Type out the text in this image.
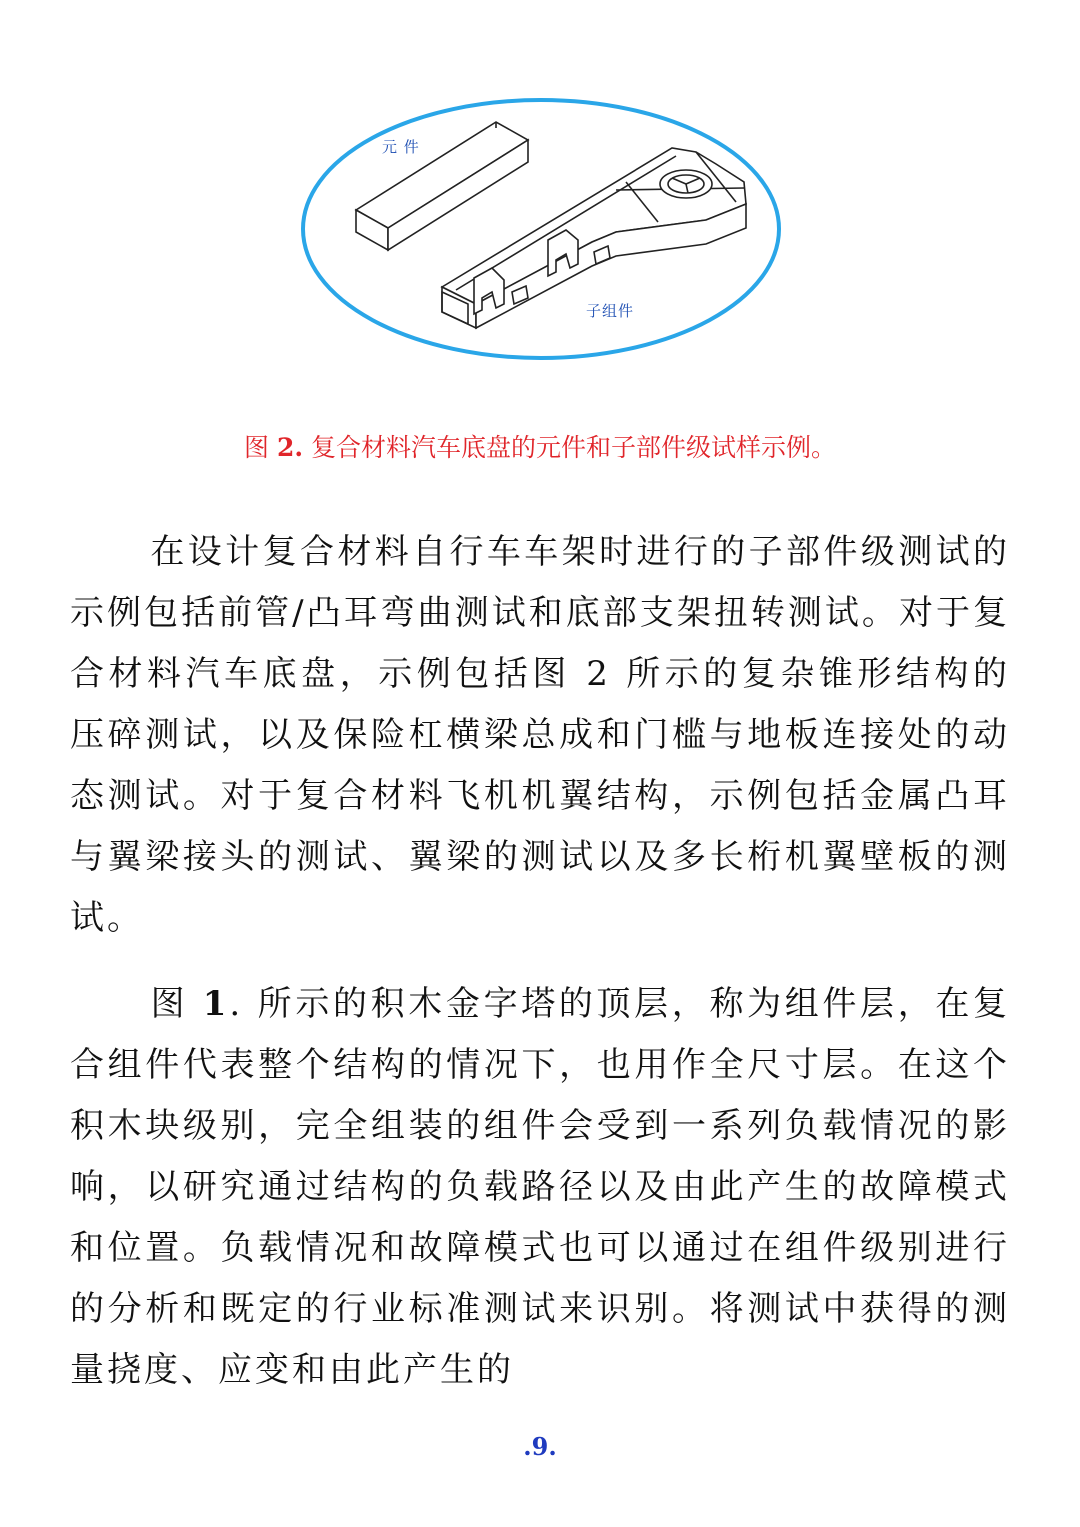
元 件
子组件
图 2. 复合材料汽车底盘的元件和子部件级试样示例。
在设计复合材料自行车车架时进行的子部件级测试的示例包括前管/凸耳弯曲测试和底部支架扭转测试。对于复合材料汽车底盘，示例包括图 2 所示的复杂锥形结构的压碎测试，以及保险杠横梁总成和门槛与地板连接处的动态测试。对于复合材料飞机机翼结构，示例包括金属凸耳与翼梁接头的测试、翼梁的测试以及多长桁机翼壁板的测试。
图 1. 所示的积木金字塔的顶层，称为组件层，在复合组件代表整个结构的情况下，也用作全尺寸层。在这个积木块级别，完全组装的组件会受到一系列负载情况的影响，以研究通过结构的负载路径以及由此产生的故障模式和位置。负载情况和故障模式也可以通过在组件级别进行的分析和既定的行业标准测试来识别。将测试中获得的测量挠度、应变和由此产生的
.9.
